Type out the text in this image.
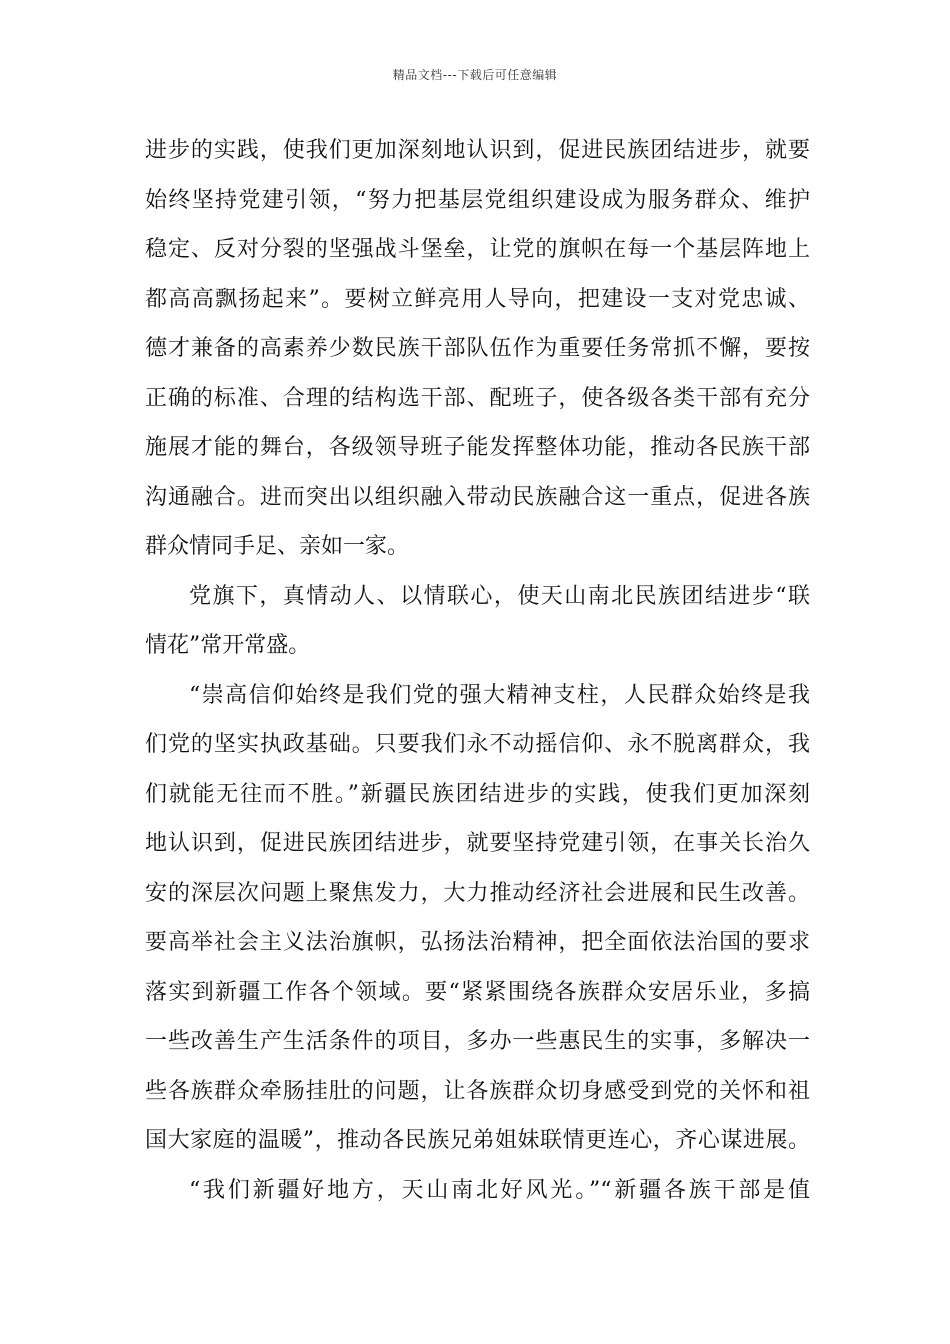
精品文档---下载后可任意编辑
进步的实践，使我们更加深刻地认识到，促进民族团结进步，就要
始终坚持党建引领，“努力把基层党组织建设成为服务群众、维护
稳定、反对分裂的坚强战斗堡垒，让党的旗帜在每一个基层阵地上
都高高飘扬起来”。要树立鲜亮用人导向，把建设一支对党忠诚、
德才兼备的高素养少数民族干部队伍作为重要任务常抓不懈，要按
正确的标准、合理的结构选干部、配班子，使各级各类干部有充分
施展才能的舞台，各级领导班子能发挥整体功能，推动各民族干部
沟通融合。进而突出以组织融入带动民族融合这一重点，促进各族
群众情同手足、亲如一家。
党旗下，真情动人、以情联心，使天山南北民族团结进步“联
情花”常开常盛。
“崇高信仰始终是我们党的强大精神支柱，人民群众始终是我
们党的坚实执政基础。只要我们永不动摇信仰、永不脱离群众，我
们就能无往而不胜。”新疆民族团结进步的实践，使我们更加深刻
地认识到，促进民族团结进步，就要坚持党建引领，在事关长治久
安的深层次问题上聚焦发力，大力推动经济社会进展和民生改善。
要高举社会主义法治旗帜，弘扬法治精神，把全面依法治国的要求
落实到新疆工作各个领域。要“紧紧围绕各族群众安居乐业，多搞
一些改善生产生活条件的项目，多办一些惠民生的实事，多解决一
些各族群众牵肠挂肚的问题，让各族群众切身感受到党的关怀和祖
国大家庭的温暖”，推动各民族兄弟姐妹联情更连心，齐心谋进展。
“我们新疆好地方，天山南北好风光。”“新疆各族干部是值
